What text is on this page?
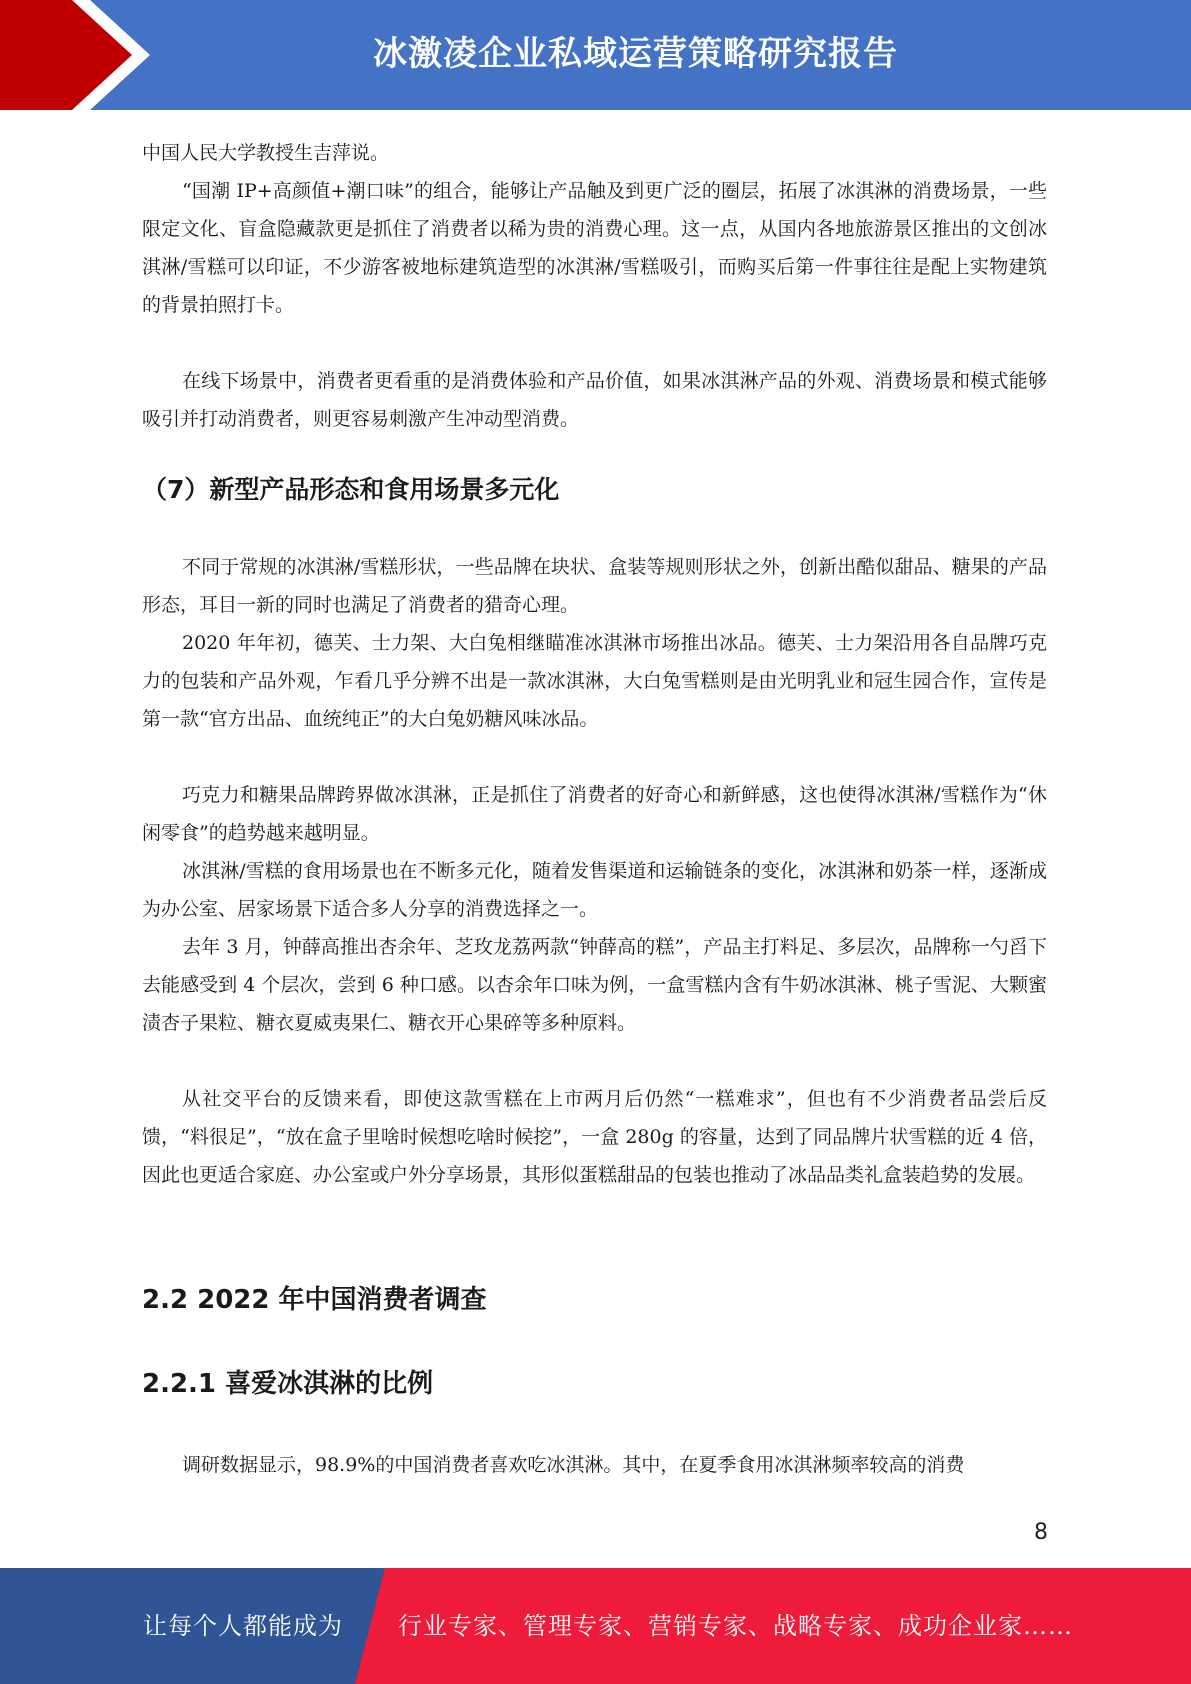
冰激凌企业私域运营策略研究报告

中国人民大学教授生吉萍说。

“国潮 IP+高颜值+潮口味”的组合，能够让产品触及到更广泛的圈层，拓展了冰淇淋的消费场景，一些限定文化、盲盒隐藏款更是抓住了消费者以稀为贵的消费心理。这一点，从国内各地旅游景区推出的文创冰淇淋/雪糕可以印证，不少游客被地标建筑造型的冰淇淋/雪糕吸引，而购买后第一件事往往是配上实物建筑的背景拍照打卡。

在线下场景中，消费者更看重的是消费体验和产品价值，如果冰淇淋产品的外观、消费场景和模式能够吸引并打动消费者，则更容易刺激产生冲动型消费。

（7）新型产品形态和食用场景多元化

不同于常规的冰淇淋/雪糕形状，一些品牌在块状、盒装等规则形状之外，创新出酷似甜品、糖果的产品形态，耳目一新的同时也满足了消费者的猎奇心理。

2020 年年初，德芙、士力架、大白兔相继瞄准冰淇淋市场推出冰品。德芙、士力架沿用各自品牌巧克力的包装和产品外观，乍看几乎分辨不出是一款冰淇淋，大白兔雪糕则是由光明乳业和冠生园合作，宣传是第一款“官方出品、血统纯正”的大白兔奶糖风味冰品。

巧克力和糖果品牌跨界做冰淇淋，正是抓住了消费者的好奇心和新鲜感，这也使得冰淇淋/雪糕作为“休闲零食”的趋势越来越明显。

冰淇淋/雪糕的食用场景也在不断多元化，随着发售渠道和运输链条的变化，冰淇淋和奶茶一样，逐渐成为办公室、居家场景下适合多人分享的消费选择之一。

去年 3 月，钟薛高推出杏余年、芝玫龙荔两款“钟薛高的糕”，产品主打料足、多层次，品牌称一勺舀下去能感受到 4 个层次，尝到 6 种口感。以杏余年口味为例，一盒雪糕内含有牛奶冰淇淋、桃子雪泥、大颗蜜渍杏子果粒、糖衣夏威夷果仁、糖衣开心果碎等多种原料。

从社交平台的反馈来看，即使这款雪糕在上市两月后仍然“一糕难求”，但也有不少消费者品尝后反馈，“料很足”，“放在盒子里啥时候想吃啥时候挖”，一盒 280g 的容量，达到了同品牌片状雪糕的近 4 倍，因此也更适合家庭、办公室或户外分享场景，其形似蛋糕甜品的包装也推动了冰品品类礼盒装趋势的发展。

2.2 2022 年中国消费者调查
2.2.1 喜爱冰淇淋的比例

调研数据显示，98.9%的中国消费者喜欢吃冰淇淋。其中，在夏季食用冰淇淋频率较高的消费

8
让每个人都能成为 行业专家、管理专家、营销专家、战略专家、成功企业家……
